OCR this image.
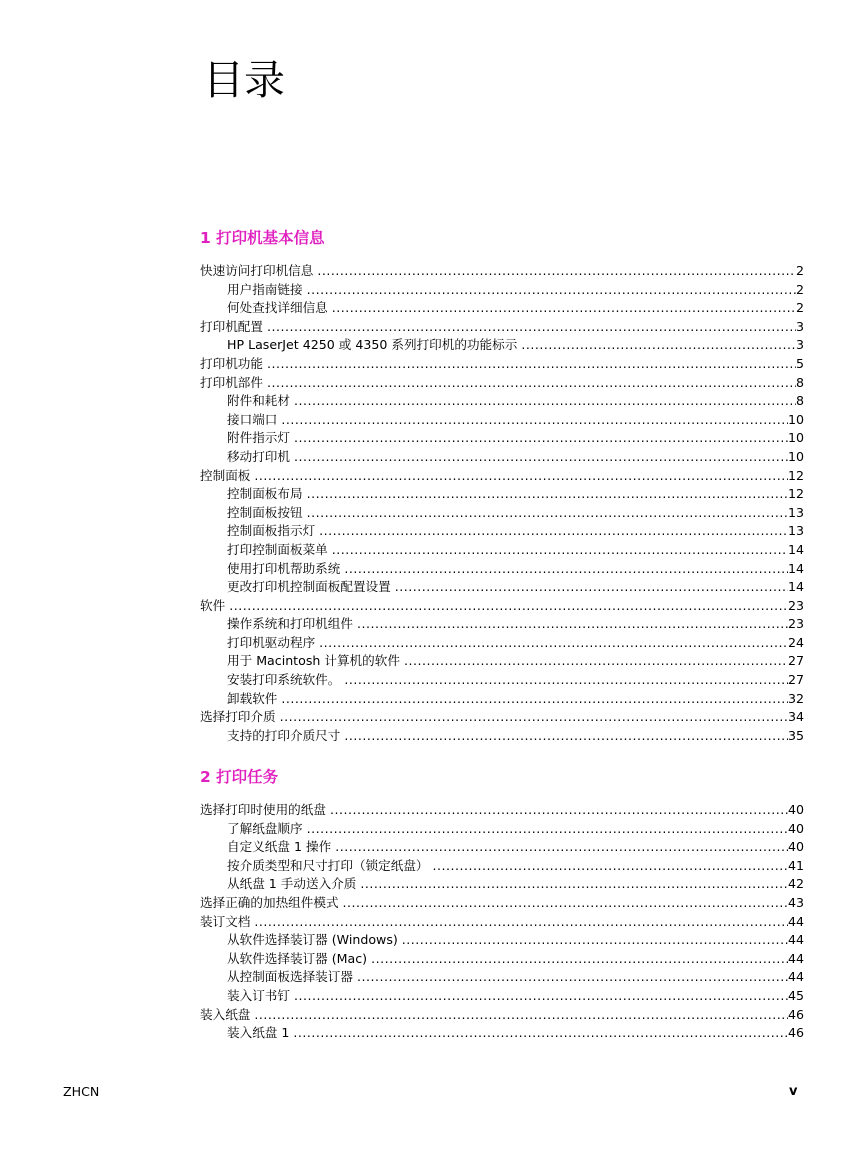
目录
1 打印机基本信息
快速访问打印机信息 .....	2
用户指南链接 .....	2
何处查找详细信息 .....	2
打印机配置 .....	3
HP LaserJet 4250 或 4350 系列打印机的功能标示 .....	3
打印机功能 .....	5
打印机部件 .....	8
附件和耗材 .....	8
接口端口 .....	10
附件指示灯 .....	10
移动打印机 .....	10
控制面板 .....	12
控制面板布局 .....	12
控制面板按钮 .....	13
控制面板指示灯 .....	13
打印控制面板菜单 .....	14
使用打印机帮助系统 .....	14
更改打印机控制面板配置设置 .....	14
软件 .....	23
操作系统和打印机组件 .....	23
打印机驱动程序 .....	24
用于 Macintosh 计算机的软件 .....	27
安装打印系统软件。 .....	27
卸载软件 .....	32
选择打印介质 .....	34
支持的打印介质尺寸 .....	35
2 打印任务
选择打印时使用的纸盘 .....	40
了解纸盘顺序 .....	40
自定义纸盘 1 操作 .....	40
按介质类型和尺寸打印（锁定纸盘） .....	41
从纸盘 1 手动送入介质 .....	42
选择正确的加热组件模式 .....	43
装订文档 .....	44
从软件选择装订器 (Windows) .....	44
从软件选择装订器 (Mac) .....	44
从控制面板选择装订器 .....	44
装入订书钉 .....	45
装入纸盘 .....	46
装入纸盘 1 .....	46
ZHCN	v
